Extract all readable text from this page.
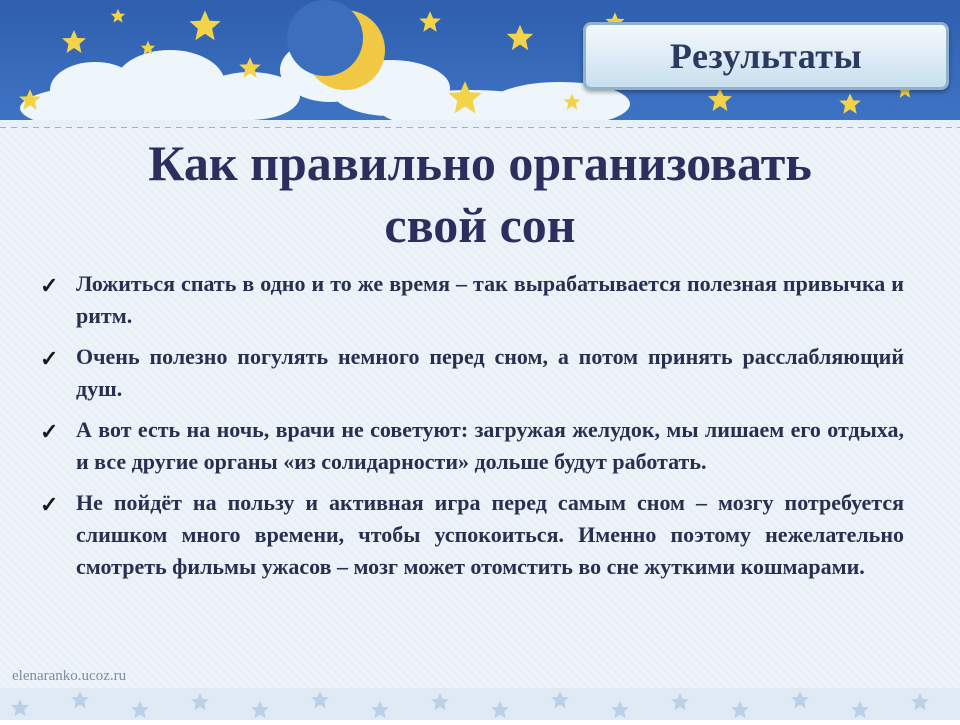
Результаты
Как правильно организовать
свой сон
✓ Ложиться спать в одно и то же время – так вырабатывается полезная привычка и ритм.
✓ Очень полезно погулять немного перед сном, а потом принять расслабляющий душ.
✓ А вот есть на ночь, врачи не советуют: загружая желудок, мы лишаем его отдыха, и все другие органы «из солидарности» дольше будут работать.
✓ Не пойдёт на пользу и активная игра перед самым сном – мозгу потребуется слишком много времени, чтобы успокоиться. Именно поэтому нежелательно смотреть фильмы ужасов – мозг может отомстить во сне жуткими кошмарами.
elenaranko.ucoz.ru
